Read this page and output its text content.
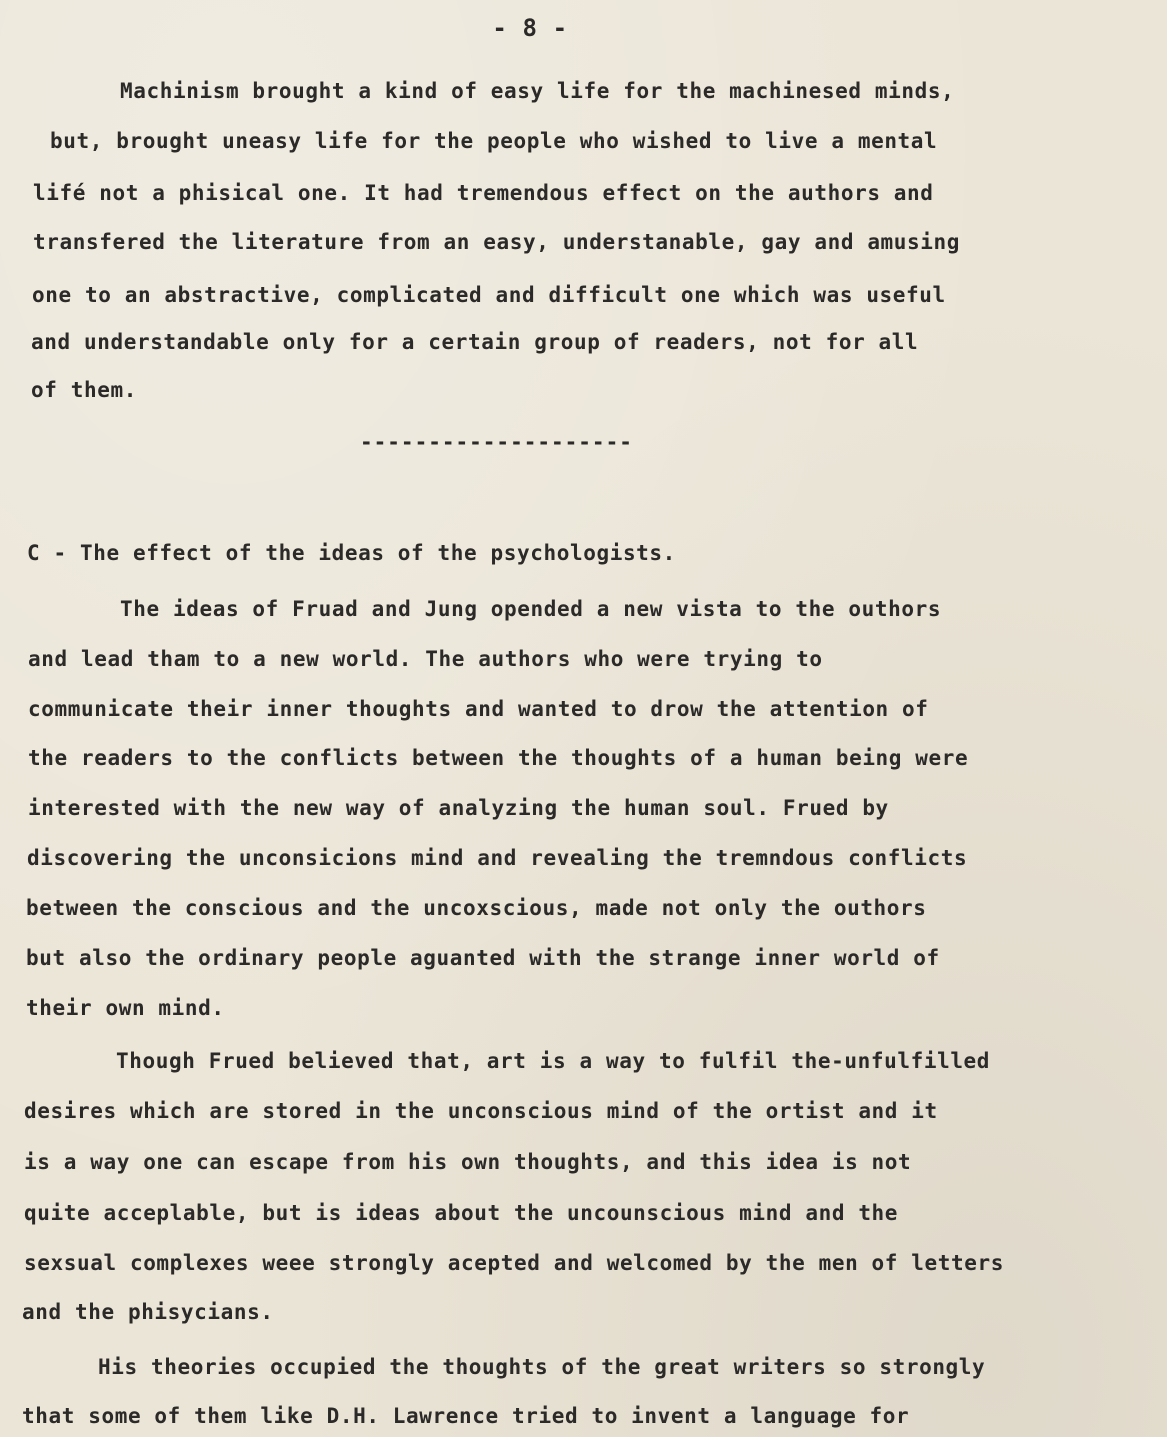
- 8 -
Machinism brought a kind of easy life for the machinesed minds,
but, brought uneasy life for the people who wished to live a mental
lifé not a phisical one. It had tremendous effect on the authors and
transfered the literature from an easy, understanable, gay and amusing
one to an abstractive, complicated and difficult one which was useful
and understandable only for a certain group of readers, not for all
of them.
--------------------
C - The effect of the ideas of the psychologists.
The ideas of Fruad and Jung opended a new vista to the outhors
and lead tham to a new world. The authors who were trying to
communicate their inner thoughts and wanted to drow the attention of
the readers to the conflicts between the thoughts of a human being were
interested with the new way of analyzing the human soul. Frued by
discovering the unconsicions mind and revealing the tremndous conflicts
between the conscious and the uncoxscious, made not only the outhors
but also the ordinary people aguanted with the strange inner world of
their own mind.
Though Frued believed that, art is a way to fulfil the-unfulfilled
desires which are stored in the unconscious mind of the ortist and it
is a way one can escape from his own thoughts, and this idea is not
quite acceplable, but is ideas about the uncounscious mind and the
sexsual complexes weee strongly acepted and welcomed by the men of letters
and the phisycians.
His theories occupied the thoughts of the great writers so strongly
that some of them like D.H. Lawrence tried to invent a language for
